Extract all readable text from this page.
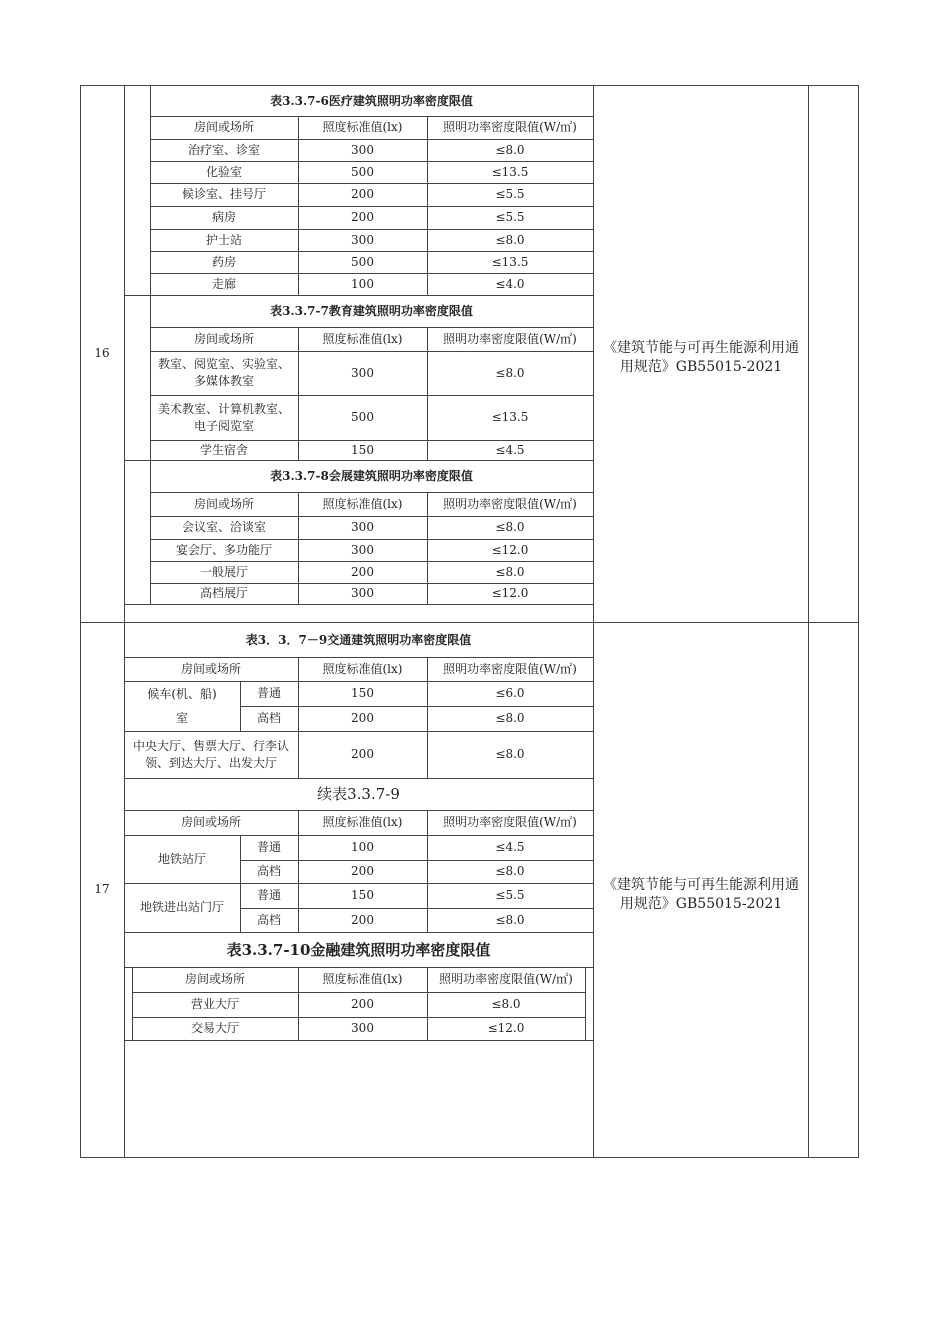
16	《建筑节能与可再生能源利用通用规范》GB55015-2021
表3.3.7-6医疗建筑照明功率密度限值
房间或场所	照度标准值(lx)	照明功率密度限值(W/㎡)
治疗室、诊室	300	≤8.0
化验室	500	≤13.5
候诊室、挂号厅	200	≤5.5
病房	200	≤5.5
护士站	300	≤8.0
药房	500	≤13.5
走廊	100	≤4.0
表3.3.7-7教育建筑照明功率密度限值
房间或场所	照度标准值(lx)	照明功率密度限值(W/㎡)
教室、阅览室、实验室、多媒体教室
300	≤8.0
美术教室、计算机教室、电子阅览室
500	≤13.5
学生宿舍	150	≤4.5
表3.3.7-8会展建筑照明功率密度限值
房间或场所	照度标准值(lx)	照明功率密度限值(W/㎡)
会议室、洽谈室	300	≤8.0
宴会厅、多功能厅	300	≤12.0
一般展厅	200	≤8.0
高档展厅	300	≤12.0
17	《建筑节能与可再生能源利用通用规范》GB55015-2021
表3．3．7－9交通建筑照明功率密度限值
房间或场所	照度标准值(lx)	照明功率密度限值(W/㎡)
候车(机、船)室
普通	150	≤6.0
高档	200	≤8.0
中央大厅、售票大厅、行李认领、到达大厅、出发大厅
200	≤8.0
续表3.3.7-9
房间或场所	照度标准值(lx)	照明功率密度限值(W/㎡)
地铁站厅
普通	100	≤4.5
高档	200	≤8.0
地铁进出站门厅
普通	150	≤5.5
高档	200	≤8.0
表3.3.7-10金融建筑照明功率密度限值
房间或场所	照度标准值(lx)	照明功率密度限值(W/㎡)
营业大厅	200	≤8.0
交易大厅	300	≤12.0
